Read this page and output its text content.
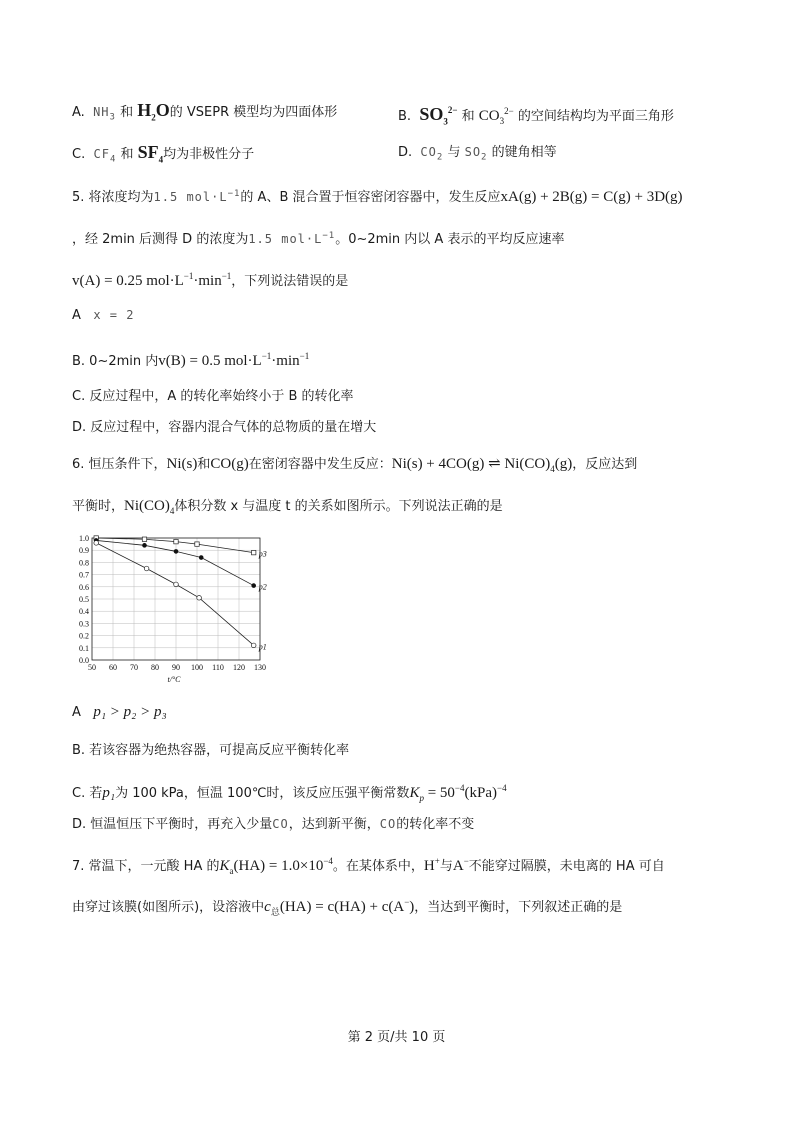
A. $NH_3$ 和 $H_2O$的 VSEPR 模型均为四面体形	B. $SO_3^{2-}$ 和 $CO_3^{2-}$ 的空间结构均为平面三角形
C. $CF_4$ 和 $SF_4$均为非极性分子	D. $CO_2$ 与 $SO_2$ 的键角相等
5. 将浓度均为1.5 $mol\cdot L^{-1}$的 A、B 混合置于恒容密闭容器中，发生反应xA(g) + 2B(g) = C(g) + 3D(g)
，经 2min 后测得 D 的浓度为1.5 $mol\cdot L^{-1}$。0~2min 内以 A 表示的平均反应速率
v(A) = 0.25 $mol\cdot L^{-1}\cdot\min^{-1}$，下列说法错误的是
A x = 2
B. 0~2min 内v(B) = 0.5 $mol\cdot L^{-1}\cdot\min^{-1}$
C. 反应过程中，A 的转化率始终小于 B 的转化率
D. 反应过程中，容器内混合气体的总物质的量在增大
6. 恒压条件下，Ni(s)和CO(g)在密闭容器中发生反应：Ni(s) + 4CO(g) ⇌ $Ni(CO)_4(g)$，反应达到
平衡时，$Ni(CO)_4$体积分数 x 与温度 t 的关系如图所示。下列说法正确的是
50 60 70 80 90 100 110 120 130
0.0
0.1
0.2
0.3
0.4
0.5
0.6
0.7
0.8
0.9
1.0
p3
p2
p1
t/°C
A p₁ > p₂ > p₃
B. 若该容器为绝热容器，可提高反应平衡转化率
C. 若p₁为 100 kPa，恒温 100℃时，该反应压强平衡常数$K_p = 50^{-4}(kPa)^{-4}$
D. 恒温恒压下平衡时，再充入少量CO，达到新平衡，CO的转化率不变
7. 常温下，一元酸 HA 的$K_a(HA) = 1.0\times 10^{-4}$。在某体系中，H+与A−不能穿过隔膜，未电离的 HA 可自
由穿过该膜(如图所示)，设溶液中$c_总(HA) = c(HA) + c(A^-)$，当达到平衡时，下列叙述正确的是
第 2 页/共 10 页
